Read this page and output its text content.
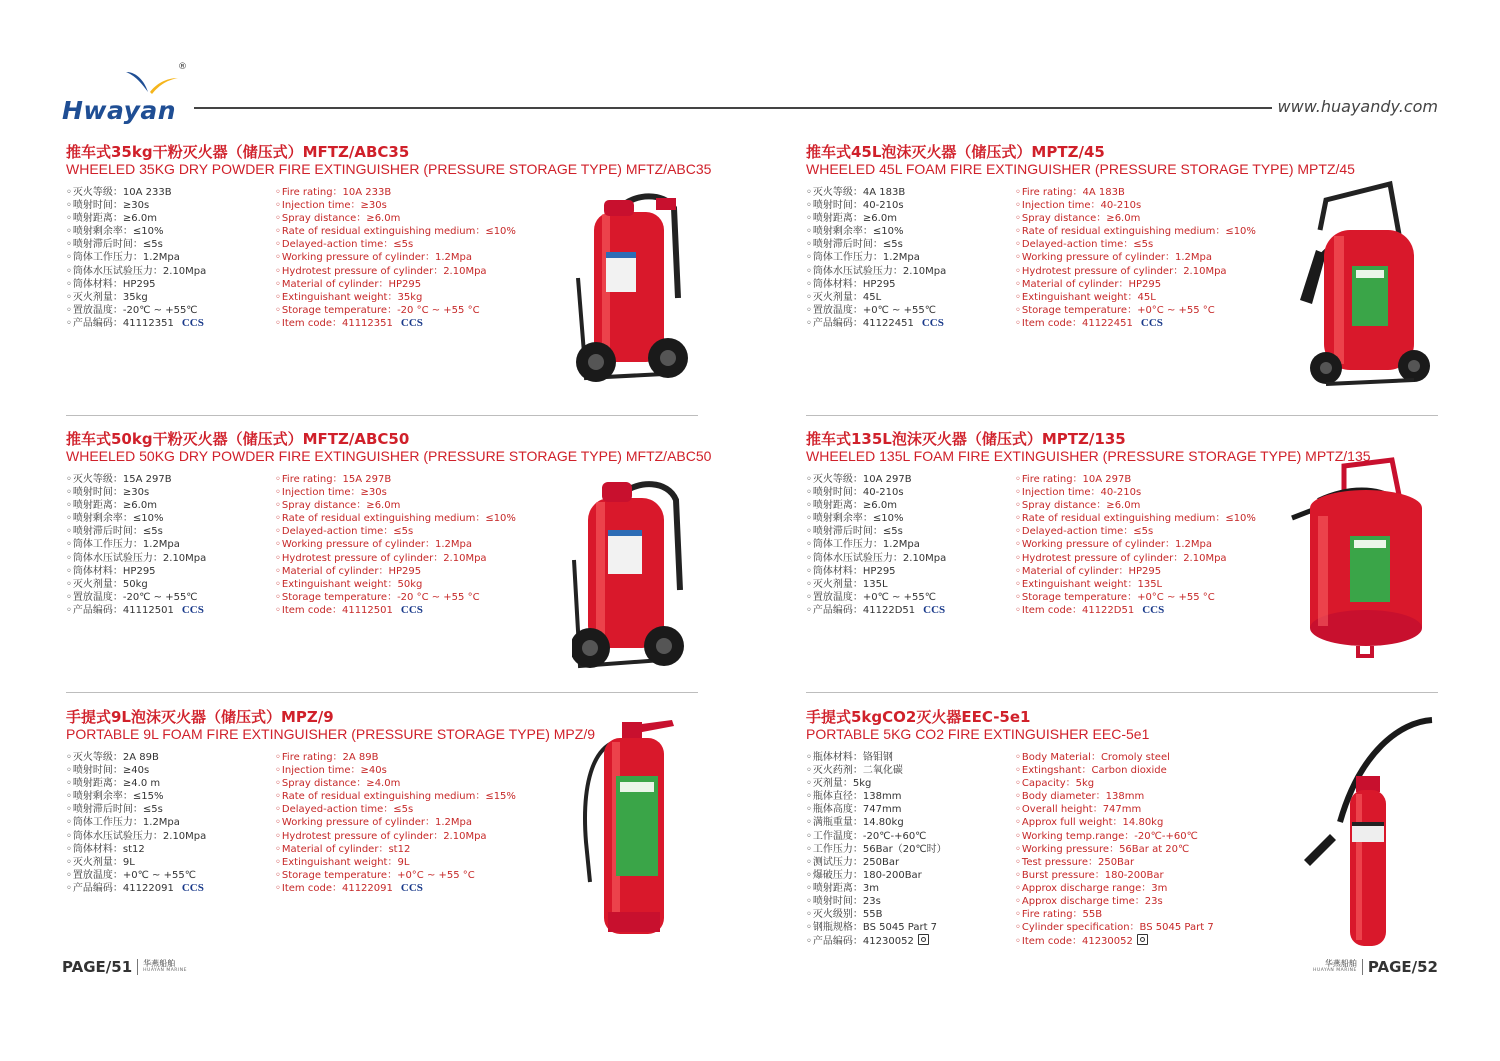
Hwayan
®
www.huayandy.com
推车式35kg干粉灭火器（储压式）MFTZ/ABC35
WHEELED 35KG DRY POWDER FIRE EXTINGUISHER (PRESSURE STORAGE TYPE) MFTZ/ABC35
◦ 灭火等级：10A 233B
◦ 喷射时间：≥30s
◦ 喷射距离：≥6.0m
◦ 喷射剩余率：≤10%
◦ 喷射滞后时间：≤5s
◦ 筒体工作压力：1.2Mpa
◦ 筒体水压试验压力：2.10Mpa
◦ 筒体材料：HP295
◦ 灭火剂量：35kg
◦ 置放温度：-20℃ ~ +55℃
◦ 产品编码：41112351 CCS
◦ Fire rating：10A 233B
◦ Injection time：≥30s
◦ Spray distance：≥6.0m
◦ Rate of residual extinguishing medium：≤10%
◦ Delayed-action time：≤5s
◦ Working pressure of cylinder：1.2Mpa
◦ Hydrotest pressure of cylinder：2.10Mpa
◦ Material of cylinder：HP295
◦ Extinguishant weight：35kg
◦ Storage temperature：-20 °C ~ +55 °C
◦ Item code：41112351 CCS
推车式50kg干粉灭火器（储压式）MFTZ/ABC50
WHEELED 50KG DRY POWDER FIRE EXTINGUISHER (PRESSURE STORAGE TYPE) MFTZ/ABC50
◦ 灭火等级：15A 297B
◦ 喷射时间：≥30s
◦ 喷射距离：≥6.0m
◦ 喷射剩余率：≤10%
◦ 喷射滞后时间：≤5s
◦ 筒体工作压力：1.2Mpa
◦ 筒体水压试验压力：2.10Mpa
◦ 筒体材料：HP295
◦ 灭火剂量：50kg
◦ 置放温度：-20℃ ~ +55℃
◦ 产品编码：41112501 CCS
◦ Fire rating：15A 297B
◦ Injection time：≥30s
◦ Spray distance：≥6.0m
◦ Rate of residual extinguishing medium：≤10%
◦ Delayed-action time：≤5s
◦ Working pressure of cylinder：1.2Mpa
◦ Hydrotest pressure of cylinder：2.10Mpa
◦ Material of cylinder：HP295
◦ Extinguishant weight：50kg
◦ Storage temperature：-20 °C ~ +55 °C
◦ Item code：41112501 CCS
手提式9L泡沫灭火器（储压式）MPZ/9
PORTABLE 9L FOAM FIRE EXTINGUISHER (PRESSURE STORAGE TYPE) MPZ/9
◦ 灭火等级：2A 89B
◦ 喷射时间：≥40s
◦ 喷射距离：≥4.0 m
◦ 喷射剩余率：≤15%
◦ 喷射滞后时间：≤5s
◦ 筒体工作压力：1.2Mpa
◦ 筒体水压试验压力：2.10Mpa
◦ 筒体材料：st12
◦ 灭火剂量：9L
◦ 置放温度：+0℃ ~ +55℃
◦ 产品编码：41122091 CCS
◦ Fire rating：2A 89B
◦ Injection time：≥40s
◦ Spray distance：≥4.0m
◦ Rate of residual extinguishing medium：≤15%
◦ Delayed-action time：≤5s
◦ Working pressure of cylinder：1.2Mpa
◦ Hydrotest pressure of cylinder：2.10Mpa
◦ Material of cylinder：st12
◦ Extinguishant weight：9L
◦ Storage temperature：+0°C ~ +55 °C
◦ Item code：41122091 CCS
推车式45L泡沫灭火器（储压式）MPTZ/45
WHEELED 45L FOAM FIRE EXTINGUISHER (PRESSURE STORAGE TYPE) MPTZ/45
◦ 灭火等级：4A 183B
◦ 喷射时间：40-210s
◦ 喷射距离：≥6.0m
◦ 喷射剩余率：≤10%
◦ 喷射滞后时间：≤5s
◦ 筒体工作压力：1.2Mpa
◦ 筒体水压试验压力：2.10Mpa
◦ 筒体材料：HP295
◦ 灭火剂量：45L
◦ 置放温度：+0℃ ~ +55℃
◦ 产品编码：41122451 CCS
◦ Fire rating：4A 183B
◦ Injection time：40-210s
◦ Spray distance：≥6.0m
◦ Rate of residual extinguishing medium：≤10%
◦ Delayed-action time：≤5s
◦ Working pressure of cylinder：1.2Mpa
◦ Hydrotest pressure of cylinder：2.10Mpa
◦ Material of cylinder：HP295
◦ Extinguishant weight：45L
◦ Storage temperature：+0°C ~ +55 °C
◦ Item code：41122451 CCS
推车式135L泡沫灭火器（储压式）MPTZ/135
WHEELED 135L FOAM FIRE EXTINGUISHER (PRESSURE STORAGE TYPE) MPTZ/135
◦ 灭火等级：10A 297B
◦ 喷射时间：40-210s
◦ 喷射距离：≥6.0m
◦ 喷射剩余率：≤10%
◦ 喷射滞后时间：≤5s
◦ 筒体工作压力：1.2Mpa
◦ 筒体水压试验压力：2.10Mpa
◦ 筒体材料：HP295
◦ 灭火剂量：135L
◦ 置放温度：+0℃ ~ +55℃
◦ 产品编码：41122D51 CCS
◦ Fire rating：10A 297B
◦ Injection time：40-210s
◦ Spray distance：≥6.0m
◦ Rate of residual extinguishing medium：≤10%
◦ Delayed-action time：≤5s
◦ Working pressure of cylinder：1.2Mpa
◦ Hydrotest pressure of cylinder：2.10Mpa
◦ Material of cylinder：HP295
◦ Extinguishant weight：135L
◦ Storage temperature：+0°C ~ +55 °C
◦ Item code：41122D51 CCS
手提式5kgCO2灭火器EEC-5e1
PORTABLE 5KG CO2 FIRE EXTINGUISHER EEC-5e1
◦ 瓶体材料：铬钼钢
◦ 灭火药剂：二氧化碳
◦ 灭剂量：5kg
◦ 瓶体直径：138mm
◦ 瓶体高度：747mm
◦ 满瓶重量：14.80kg
◦ 工作温度：-20℃-+60℃
◦ 工作压力：56Bar（20℃时）
◦ 测试压力：250Bar
◦ 爆破压力：180-200Bar
◦ 喷射距离：3m
◦ 喷射时间：23s
◦ 灭火级别：55B
◦ 钢瓶规格：BS 5045 Part 7
◦ 产品编码：41230052
◦ Body Material：Cromoly steel
◦ Extingshant：Carbon dioxide
◦ Capacity：5kg
◦ Body diameter：138mm
◦ Overall height：747mm
◦ Approx full weight：14.80kg
◦ Working temp.range：-20℃-+60℃
◦ Working pressure：56Bar at 20℃
◦ Test pressure：250Bar
◦ Burst pressure：180-200Bar
◦ Approx discharge range：3m
◦ Approx discharge time：23s
◦ Fire rating：55B
◦ Cylinder specification：BS 5045 Part 7
◦ Item code：41230052
PAGE/51 华燕船舶
HUAYAN MARINE
华燕船舶
HUAYAN MARINE PAGE/52
